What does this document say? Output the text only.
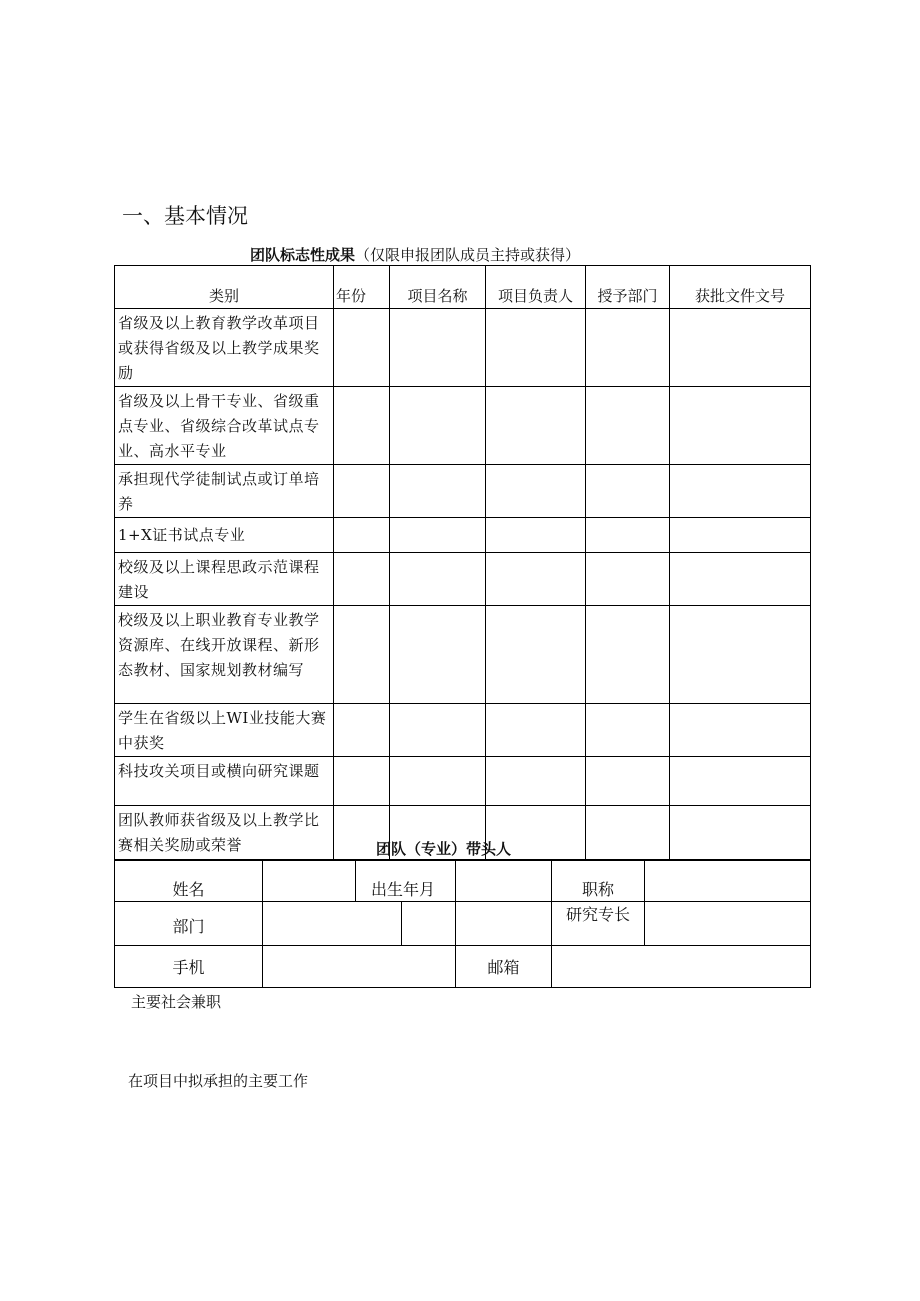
一、基本情况
团队标志性成果（仅限申报团队成员主持或获得）
类别	年份	项目名称	项目负责人	授予部门	获批文件文号
省级及以上教育教学改革项目或获得省级及以上教学成果奖励					
省级及以上骨干专业、省级重点专业、省级综合改革试点专业、高水平专业					
承担现代学徒制试点或订单培养					
1+X证书试点专业					
校级及以上课程思政示范课程建设					
校级及以上职业教育专业教学资源库、在线开放课程、新形态教材、国家规划教材编写					
学生在省级以上WI业技能大赛中获奖					
科技攻关项目或横向研究课题					
团队教师获省级及以上教学比赛相关奖励或荣誉						团队（专业）带头人
姓名		出生年月			职称	
部门					研究专长	
手机				邮箱		
主要社会兼职
在项目中拟承担的主要工作
